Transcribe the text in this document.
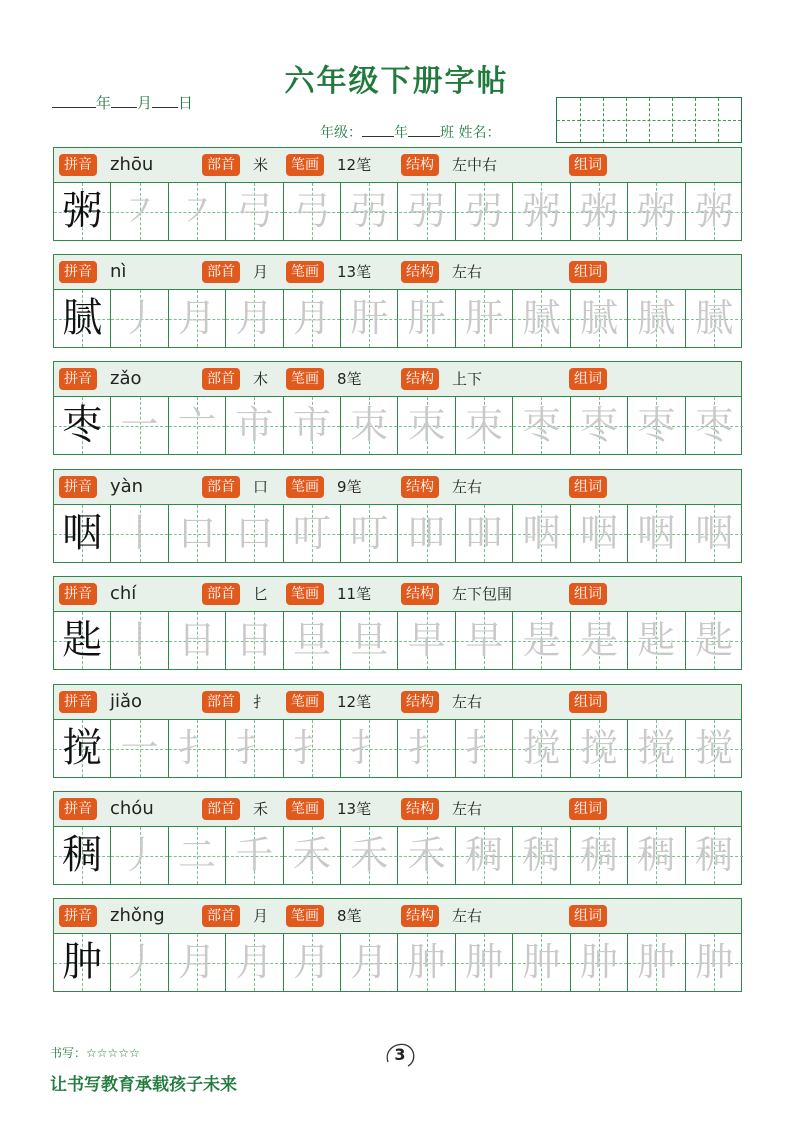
六年级下册字帖
年 月 日
年级： 年 班 姓名：
拼音	部首	笔画	结构	组词
zhōu	米	12笔	左中右
粥 ㇇ ㇇ 弓 弓 弜 弜 弜 粥 粥 粥 粥
拼音	部首	笔画	结构	组词
nì	月	13笔	左右
腻 丿 月 月 月 肝 肝 肝 腻 腻 腻 腻
拼音	部首	笔画	结构	组词
zǎo	木	8笔	上下
枣 一 亠 市 市 朿 朿 朿 枣 枣 枣 枣
拼音	部首	笔画	结构	组词
yàn	口	9笔	左右
咽 丨 口 口 叮 叮 吅 吅 咽 咽 咽 咽
拼音	部首	笔画	结构	组词
chí	匕	11笔	左下包围
匙 丨 日 日 旦 旦 早 早 是 是 匙 匙
拼音	部首	笔画	结构	组词
jiǎo	扌	12笔	左右
搅 一 扌 扌 扌 扌 扌 扌 搅 搅 搅 搅
拼音	部首	笔画	结构	组词
chóu	禾	13笔	左右
稠 丿 二 千 禾 禾 禾 稠 稠 稠 稠 稠
拼音	部首	笔画	结构	组词
zhǒng	月	8笔	左右
肿 丿 月 月 月 月 肿 肿 肿 肿 肿 肿
书写：☆☆☆☆☆	3
让书写教育承载孩子未来
